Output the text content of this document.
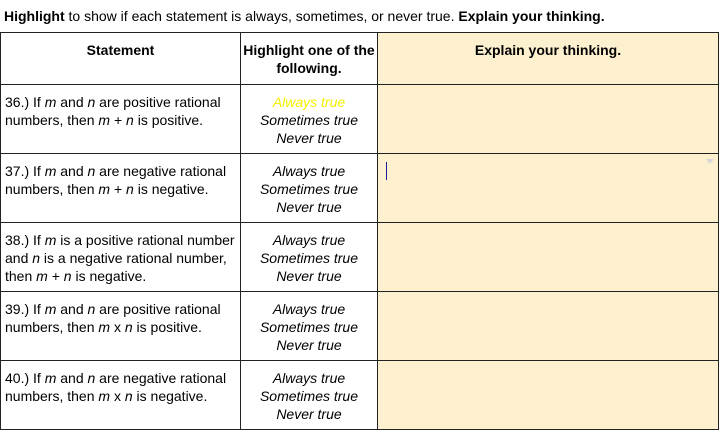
Highlight to show if each statement is always, sometimes, or never true. Explain your thinking.
Statement	Highlight one of the following.	Explain your thinking.

36.) If m and n are positive rational numbers, then m + n is positive.	Always true
Sometimes true
Never true	

37.) If m and n are negative rational numbers, then m + n is negative.	Always true
Sometimes true
Never true	

38.) If m is a positive rational number and n is a negative rational number, then m + n is negative.	Always true
Sometimes true
Never true	

39.) If m and n are positive rational numbers, then m x n is positive.	Always true
Sometimes true
Never true	

40.) If m and n are negative rational numbers, then m x n is negative.	Always true
Sometimes true
Never true	
